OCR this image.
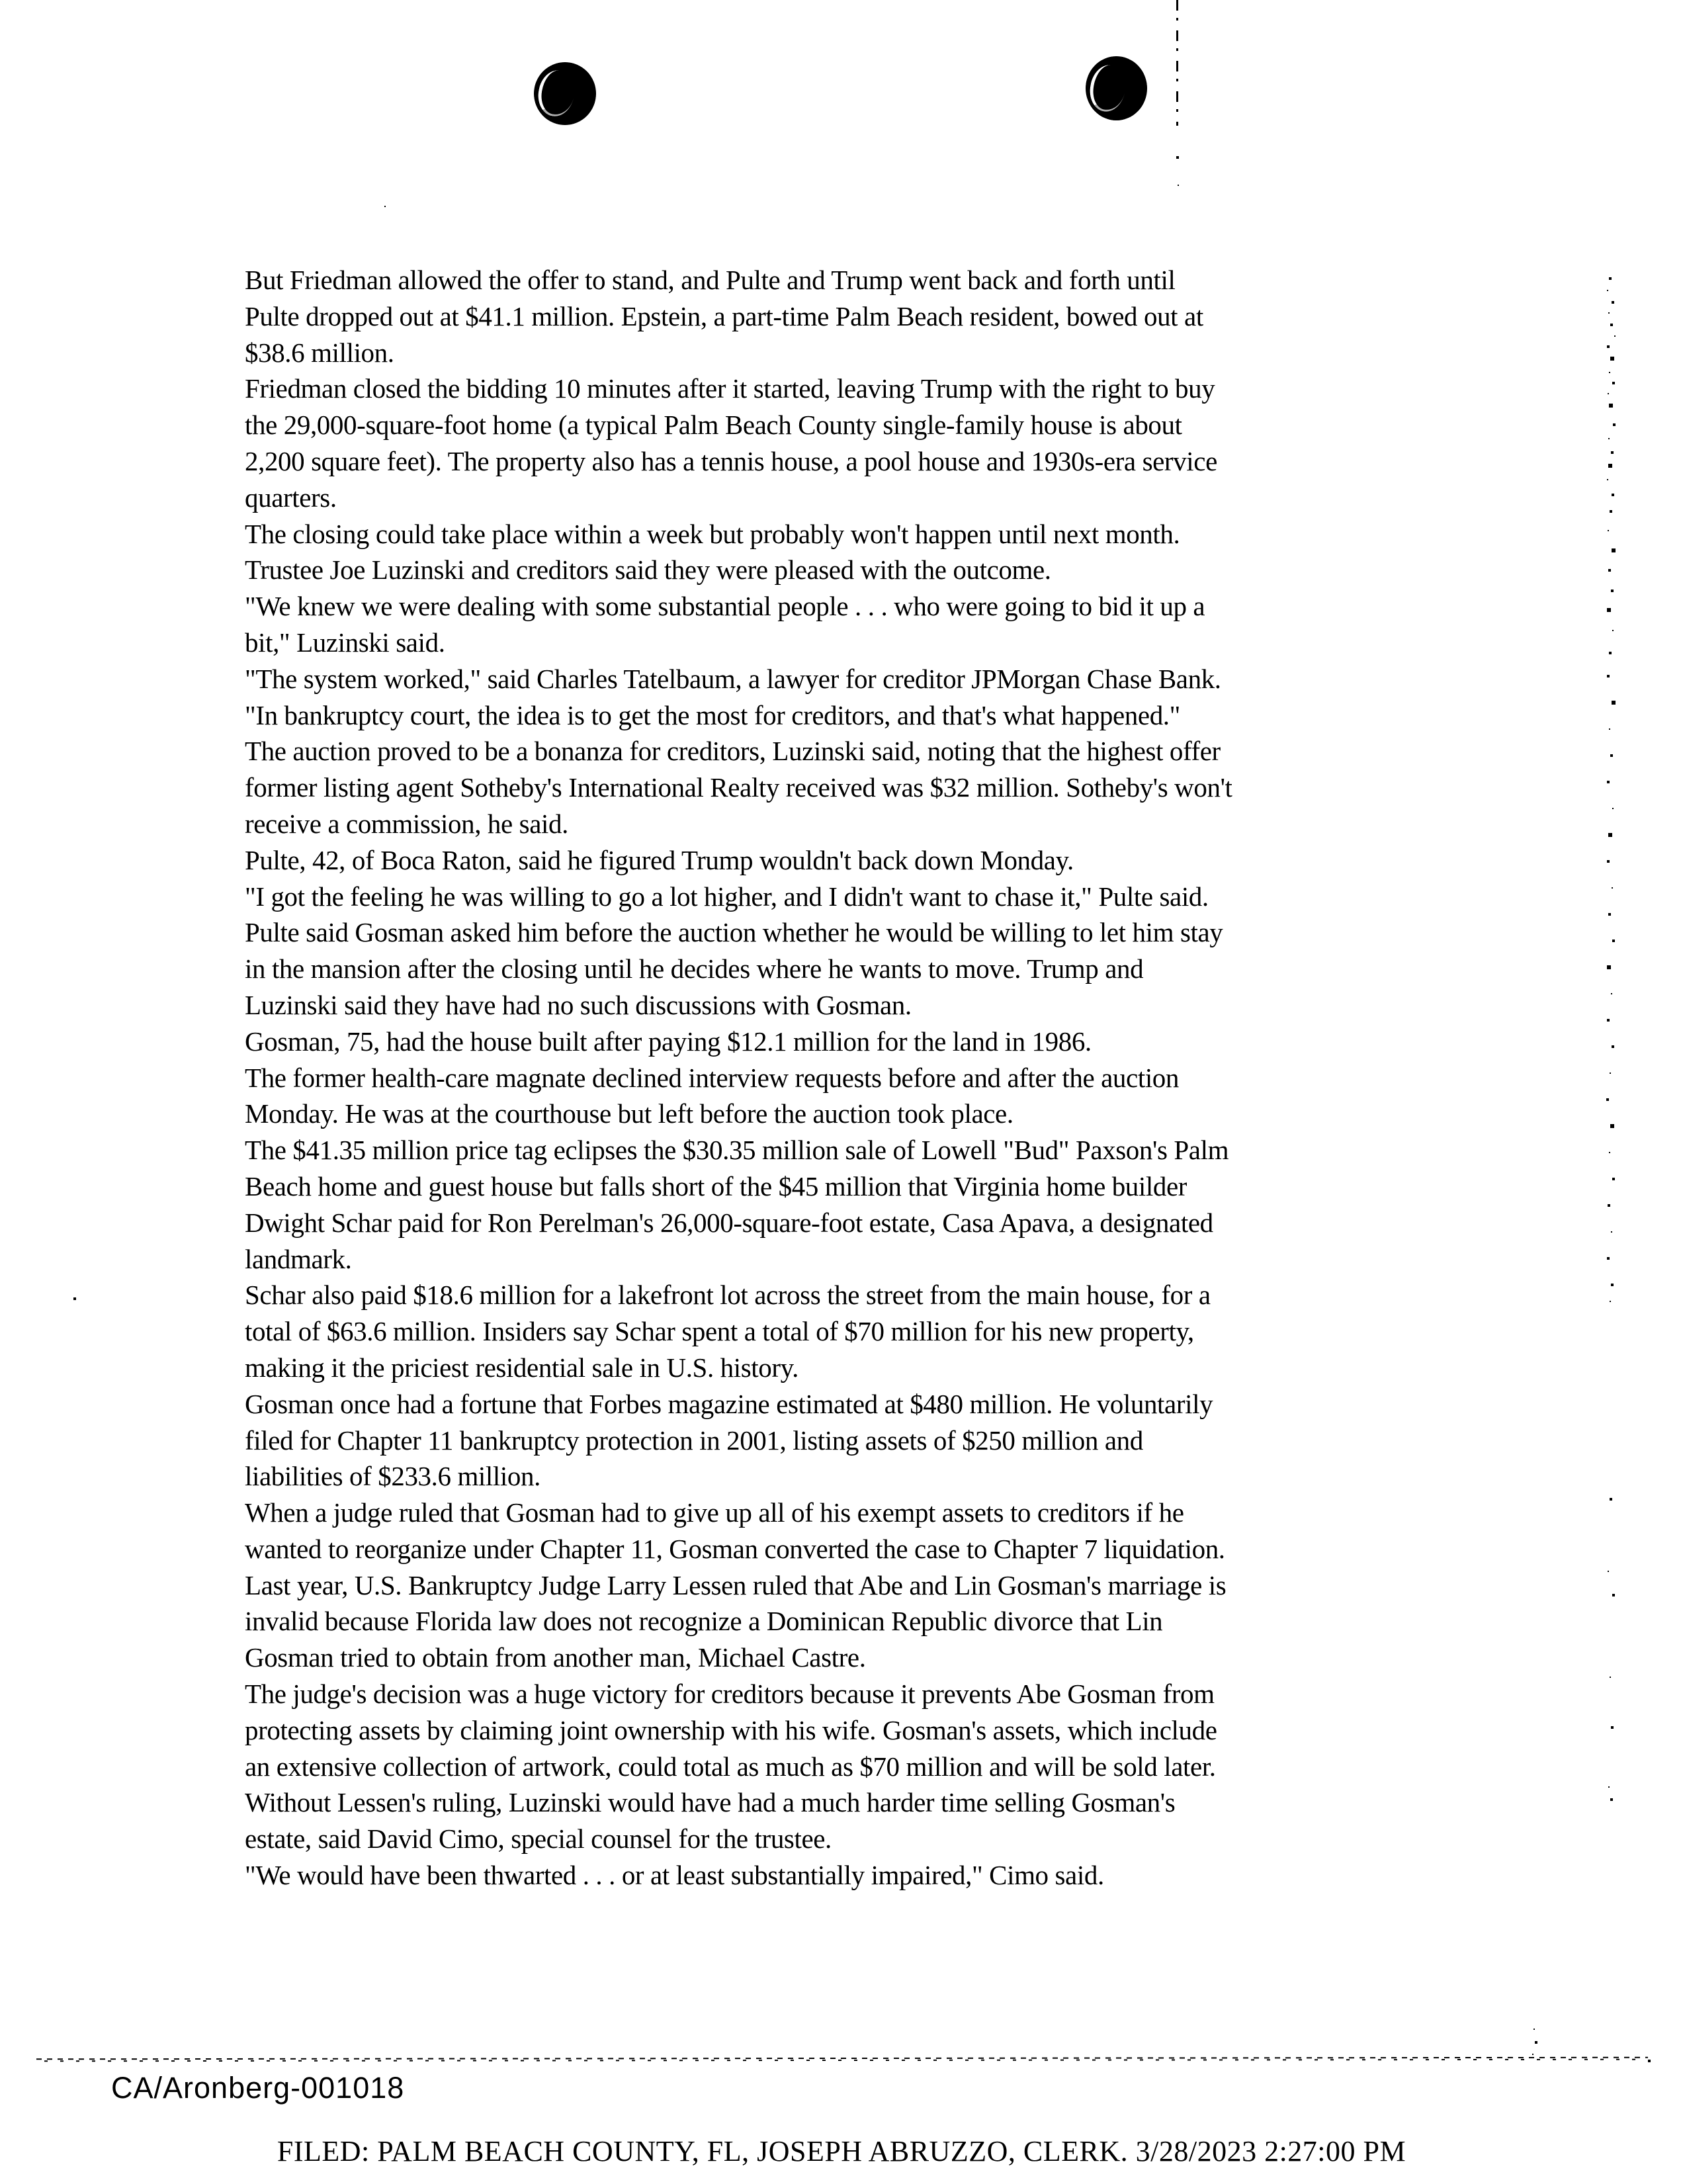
But Friedman allowed the offer to stand, and Pulte and Trump went back and forth until
Pulte dropped out at $41.1 million. Epstein, a part-time Palm Beach resident, bowed out at
$38.6 million.
Friedman closed the bidding 10 minutes after it started, leaving Trump with the right to buy
the 29,000-square-foot home (a typical Palm Beach County single-family house is about
2,200 square feet). The property also has a tennis house, a pool house and 1930s-era service
quarters.
The closing could take place within a week but probably won't happen until next month.
Trustee Joe Luzinski and creditors said they were pleased with the outcome.
"We knew we were dealing with some substantial people . . . who were going to bid it up a
bit," Luzinski said.
"The system worked," said Charles Tatelbaum, a lawyer for creditor JPMorgan Chase Bank.
"In bankruptcy court, the idea is to get the most for creditors, and that's what happened."
The auction proved to be a bonanza for creditors, Luzinski said, noting that the highest offer
former listing agent Sotheby's International Realty received was $32 million. Sotheby's won't
receive a commission, he said.
Pulte, 42, of Boca Raton, said he figured Trump wouldn't back down Monday.
"I got the feeling he was willing to go a lot higher, and I didn't want to chase it," Pulte said.
Pulte said Gosman asked him before the auction whether he would be willing to let him stay
in the mansion after the closing until he decides where he wants to move. Trump and
Luzinski said they have had no such discussions with Gosman.
Gosman, 75, had the house built after paying $12.1 million for the land in 1986.
The former health-care magnate declined interview requests before and after the auction
Monday. He was at the courthouse but left before the auction took place.
The $41.35 million price tag eclipses the $30.35 million sale of Lowell "Bud" Paxson's Palm
Beach home and guest house but falls short of the $45 million that Virginia home builder
Dwight Schar paid for Ron Perelman's 26,000-square-foot estate, Casa Apava, a designated
landmark.
Schar also paid $18.6 million for a lakefront lot across the street from the main house, for a
total of $63.6 million. Insiders say Schar spent a total of $70 million for his new property,
making it the priciest residential sale in U.S. history.
Gosman once had a fortune that Forbes magazine estimated at $480 million. He voluntarily
filed for Chapter 11 bankruptcy protection in 2001, listing assets of $250 million and
liabilities of $233.6 million.
When a judge ruled that Gosman had to give up all of his exempt assets to creditors if he
wanted to reorganize under Chapter 11, Gosman converted the case to Chapter 7 liquidation.
Last year, U.S. Bankruptcy Judge Larry Lessen ruled that Abe and Lin Gosman's marriage is
invalid because Florida law does not recognize a Dominican Republic divorce that Lin
Gosman tried to obtain from another man, Michael Castre.
The judge's decision was a huge victory for creditors because it prevents Abe Gosman from
protecting assets by claiming joint ownership with his wife. Gosman's assets, which include
an extensive collection of artwork, could total as much as $70 million and will be sold later.
Without Lessen's ruling, Luzinski would have had a much harder time selling Gosman's
estate, said David Cimo, special counsel for the trustee.
"We would have been thwarted . . . or at least substantially impaired," Cimo said.
CA/Aronberg-001018
FILED: PALM BEACH COUNTY, FL, JOSEPH ABRUZZO, CLERK. 3/28/2023 2:27:00 PM
